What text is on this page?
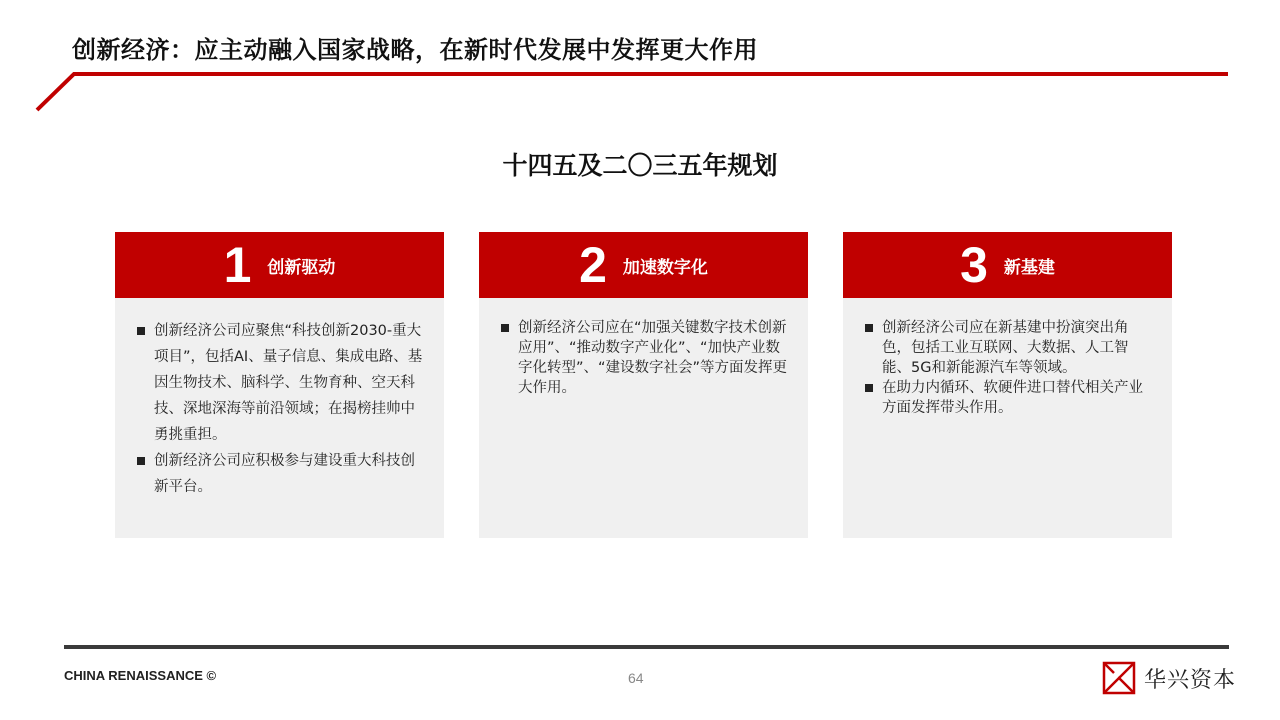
创新经济：应主动融入国家战略，在新时代发展中发挥更大作用
十四五及二〇三五年规划
1 创新驱动
创新经济公司应聚焦“科技创新2030-重大项目”，包括AI、量子信息、集成电路、基因生物技术、脑科学、生物育种、空天科技、深地深海等前沿领域；在揭榜挂帅中勇挑重担。
创新经济公司应积极参与建设重大科技创新平台。
2 加速数字化
创新经济公司应在“加强关键数字技术创新应用”、“推动数字产业化”、“加快产业数字化转型”、“建设数字社会”等方面发挥更大作用。
3 新基建
创新经济公司应在新基建中扮演突出角色，包括工业互联网、大数据、人工智能、5G和新能源汽车等领域。
在助力内循环、软硬件进口替代相关产业方面发挥带头作用。
CHINA RENAISSANCE ©	64	华兴资本
